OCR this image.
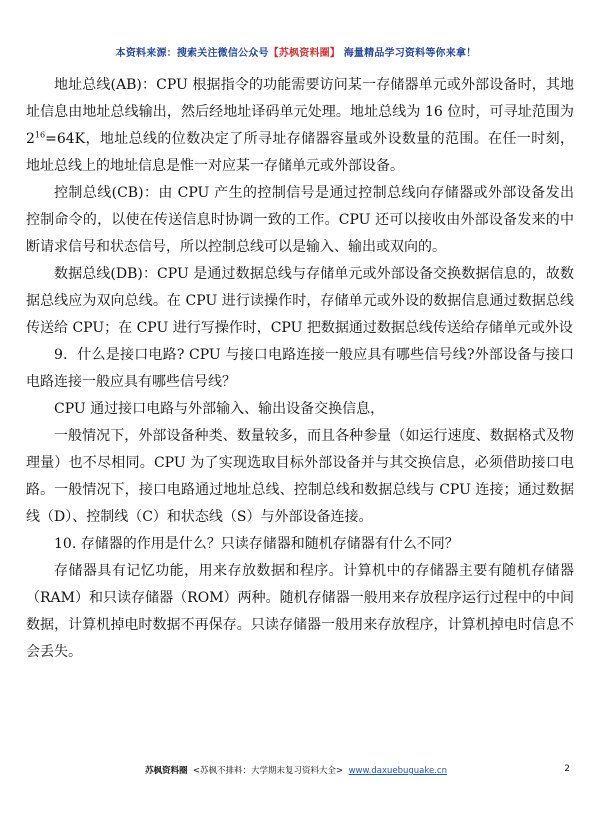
本资料来源：搜索关注微信公众号【苏枫资料圈】 海量精品学习资料等你来拿！

地址总线(AB)：CPU 根据指令的功能需要访问某一存储器单元或外部设备时，其地址信息由地址总线输出，然后经地址译码单元处理。地址总线为 16 位时，可寻址范围为 $2^{16}=64K$，地址总线的位数决定了所寻址存储器容量或外设数量的范围。在任一时刻，地址总线上的地址信息是惟一对应某一存储单元或外部设备。

控制总线(CB)：由 CPU 产生的控制信号是通过控制总线向存储器或外部设备发出控制命令的，以使在传送信息时协调一致的工作。CPU 还可以接收由外部设备发来的中断请求信号和状态信号，所以控制总线可以是输入、输出或双向的。

数据总线(DB)：CPU 是通过数据总线与存储单元或外部设备交换数据信息的，故数据总线应为双向总线。在 CPU 进行读操作时，存储单元或外设的数据信息通过数据总线传送给 CPU；在 CPU 进行写操作时，CPU 把数据通过数据总线传送给存储单元或外设

9．什么是接口电路? CPU 与接口电路连接一般应具有哪些信号线?外部设备与接口电路连接一般应具有哪些信号线？

CPU 通过接口电路与外部输入、输出设备交换信息，

一般情况下，外部设备种类、数量较多，而且各种参量（如运行速度、数据格式及物理量）也不尽相同。CPU 为了实现选取目标外部设备并与其交换信息，必须借助接口电路。一般情况下，接口电路通过地址总线、控制总线和数据总线与 CPU 连接；通过数据线（D）、控制线（C）和状态线（S）与外部设备连接。

10. 存储器的作用是什么？只读存储器和随机存储器有什么不同？

存储器具有记忆功能，用来存放数据和程序。计算机中的存储器主要有随机存储器（RAM）和只读存储器（ROM）两种。随机存储器一般用来存放程序运行过程中的中间数据，计算机掉电时数据不再保存。只读存储器一般用来存放程序，计算机掉电时信息不会丢失。

苏枫资料圈 <苏枫不排料：大学期末复习资料大全> www.daxuebuguake.cn	2
